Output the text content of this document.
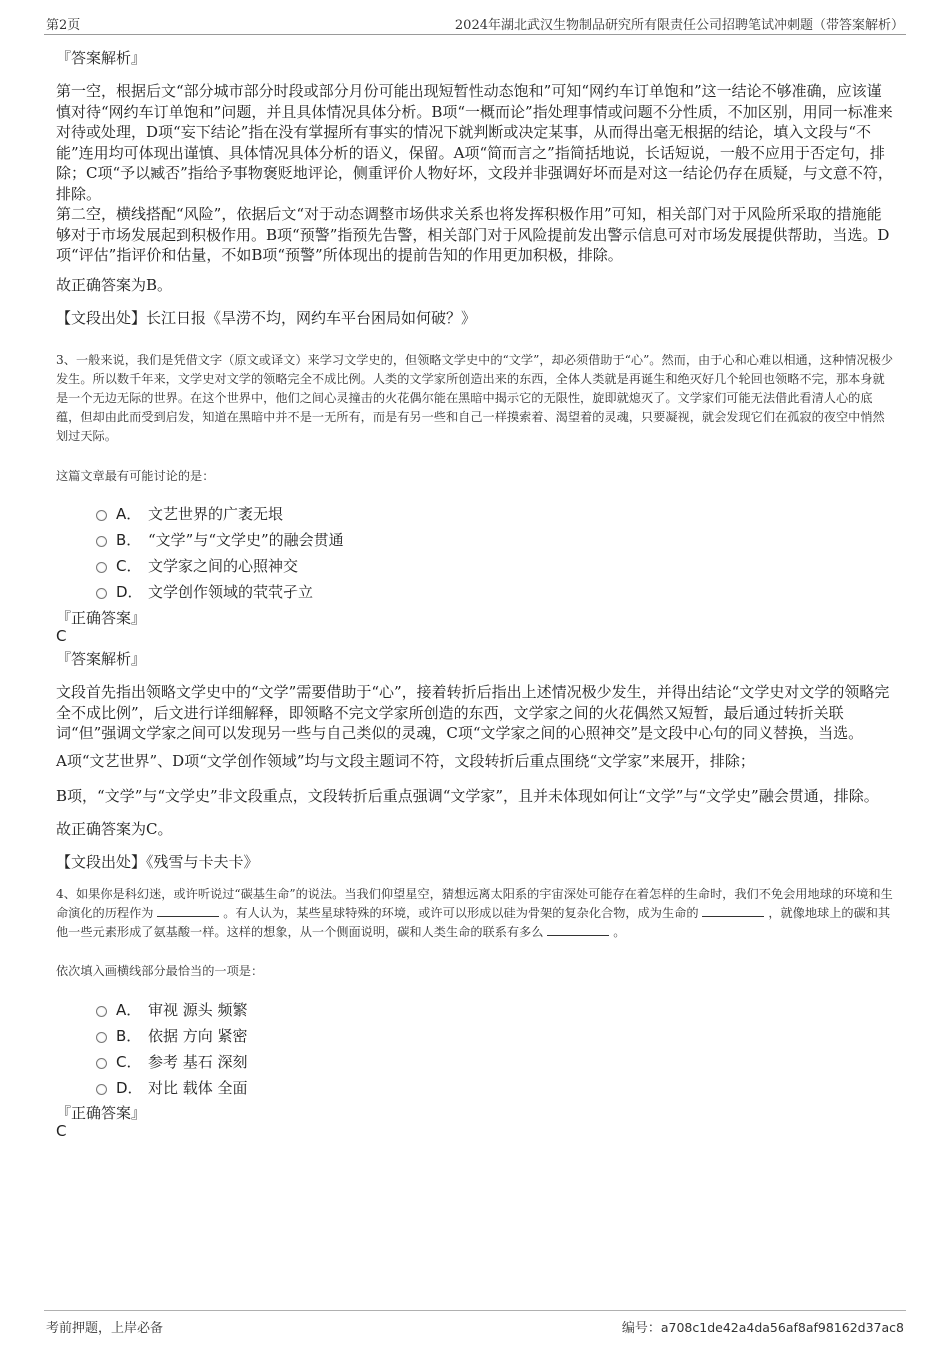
第2页	2024年湖北武汉生物制品研究所有限责任公司招聘笔试冲刺题（带答案解析）
『答案解析』
第一空，根据后文“部分城市部分时段或部分月份可能出现短暂性动态饱和”可知“网约车订单饱和”这一结论不够准确，应该谨慎对待“网约车订单饱和”问题，并且具体情况具体分析。B项“一概而论”指处理事情或问题不分性质，不加区别，用同一标准来对待或处理，D项“妄下结论”指在没有掌握所有事实的情况下就判断或决定某事，从而得出毫无根据的结论，填入文段与“不能”连用均可体现出谨慎、具体情况具体分析的语义，保留。A项“简而言之”指简括地说，长话短说，一般不应用于否定句，排除；C项“予以臧否”指给予事物褒贬地评论，侧重评价人物好坏，文段并非强调好坏而是对这一结论仍存在质疑，与文意不符，排除。
第二空，横线搭配“风险”，依据后文“对于动态调整市场供求关系也将发挥积极作用”可知，相关部门对于风险所采取的措施能够对于市场发展起到积极作用。B项“预警”指预先告警，相关部门对于风险提前发出警示信息可对市场发展提供帮助，当选。D项“评估”指评价和估量，不如B项“预警”所体现出的提前告知的作用更加积极，排除。
故正确答案为B。
【文段出处】长江日报《旱涝不均，网约车平台困局如何破？》
3、一般来说，我们是凭借文字（原文或译文）来学习文学史的，但领略文学史中的“文学”，却必须借助于“心”。然而，由于心和心难以相通，这种情况极少发生。所以数千年来，文学史对文学的领略完全不成比例。人类的文学家所创造出来的东西，全体人类就是再诞生和绝灭好几个轮回也领略不完，那本身就是一个无边无际的世界。在这个世界中，他们之间心灵撞击的火花偶尔能在黑暗中揭示它的无限性，旋即就熄灭了。文学家们可能无法借此看清人心的底蕴，但却由此而受到启发，知道在黑暗中并不是一无所有，而是有另一些和自己一样摸索着、渴望着的灵魂，只要凝视，就会发现它们在孤寂的夜空中悄然划过天际。
这篇文章最有可能讨论的是：
A． 文艺世界的广袤无垠
B． “文学”与“文学史”的融会贯通
C． 文学家之间的心照神交
D． 文学创作领域的茕茕孑立
『正确答案』
C
『答案解析』
文段首先指出领略文学史中的“文学”需要借助于“心”，接着转折后指出上述情况极少发生，并得出结论“文学史对文学的领略完全不成比例”，后文进行详细解释，即领略不完文学家所创造的东西，文学家之间的火花偶然又短暂，最后通过转折关联词“但”强调文学家之间可以发现另一些与自己类似的灵魂，C项“文学家之间的心照神交”是文段中心句的同义替换，当选。
A项“文艺世界”、D项“文学创作领域”均与文段主题词不符，文段转折后重点围绕“文学家”来展开，排除；
B项，“文学”与“文学史”非文段重点，文段转折后重点强调“文学家”，且并未体现如何让“文学”与“文学史”融会贯通，排除。
故正确答案为C。
【文段出处】《残雪与卡夫卡》
4、如果你是科幻迷，或许听说过“碳基生命”的说法。当我们仰望星空，猜想远离太阳系的宇宙深处可能存在着怎样的生命时，我们不免会用地球的环境和生命演化的历程作为	。有人认为，某些星球特殊的环境，或许可以形成以硅为骨架的复杂化合物，成为生命的	，就像地球上的碳和其他一些元素形成了氨基酸一样。这样的想象，从一个侧面说明，碳和人类生命的联系有多么	。
依次填入画横线部分最恰当的一项是：
A． 审视 源头 频繁
B． 依据 方向 紧密
C． 参考 基石 深刻
D． 对比 载体 全面
『正确答案』
C
考前押题，上岸必备	编号：a708c1de42a4da56af8af98162d37ac8
